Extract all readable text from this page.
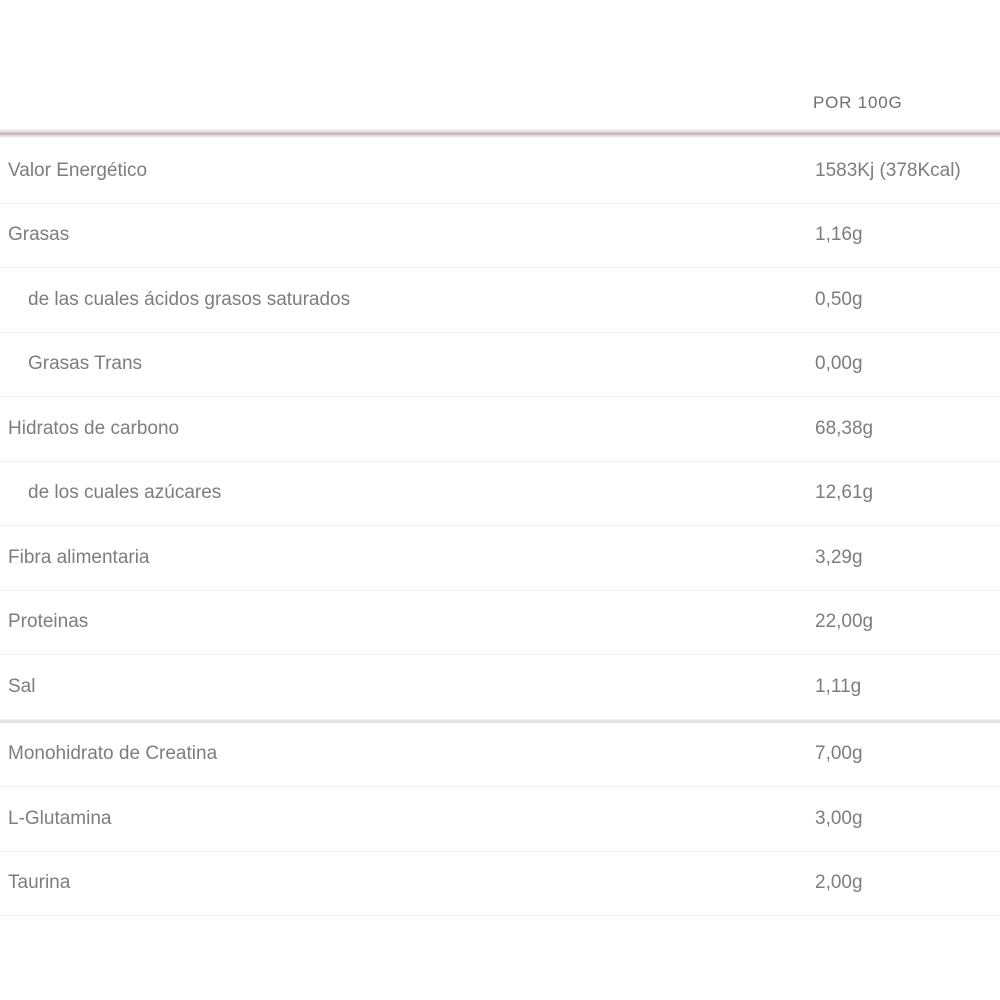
POR 100G
Valor Energético	1583Kj (378Kcal)
Grasas	1,16g
de las cuales ácidos grasos saturados	0,50g
Grasas Trans	0,00g
Hidratos de carbono	68,38g
de los cuales azúcares	12,61g
Fibra alimentaria	3,29g
Proteinas	22,00g
Sal	1,11g
Monohidrato de Creatina	7,00g
L-Glutamina	3,00g
Taurina	2,00g
